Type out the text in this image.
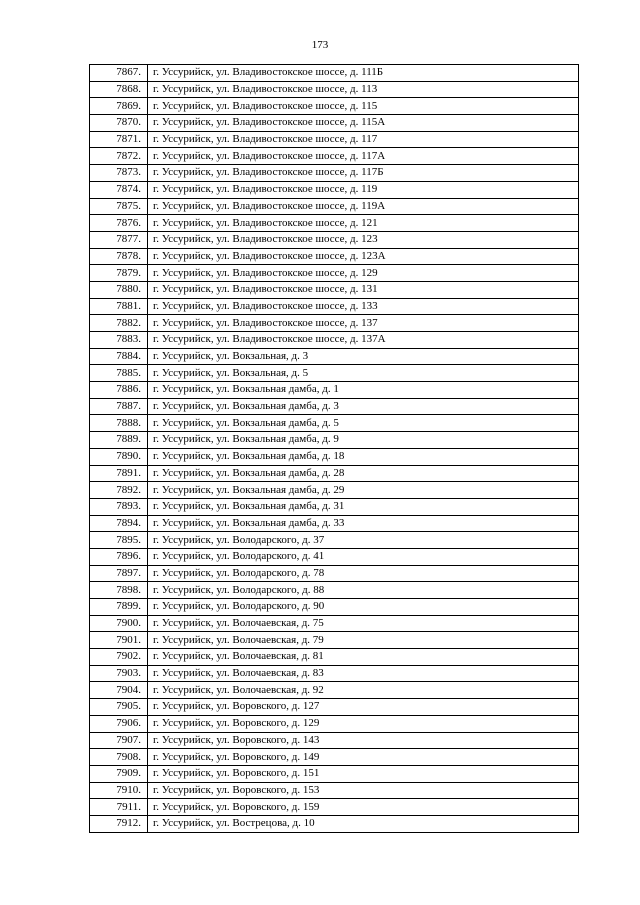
173
7867.	г. Уссурийск, ул. Владивостокское шоссе, д. 111Б
7868.	г. Уссурийск, ул. Владивостокское шоссе, д. 113
7869.	г. Уссурийск, ул. Владивостокское шоссе, д. 115
7870.	г. Уссурийск, ул. Владивостокское шоссе, д. 115А
7871.	г. Уссурийск, ул. Владивостокское шоссе, д. 117
7872.	г. Уссурийск, ул. Владивостокское шоссе, д. 117А
7873.	г. Уссурийск, ул. Владивостокское шоссе, д. 117Б
7874.	г. Уссурийск, ул. Владивостокское шоссе, д. 119
7875.	г. Уссурийск, ул. Владивостокское шоссе, д. 119А
7876.	г. Уссурийск, ул. Владивостокское шоссе, д. 121
7877.	г. Уссурийск, ул. Владивостокское шоссе, д. 123
7878.	г. Уссурийск, ул. Владивостокское шоссе, д. 123А
7879.	г. Уссурийск, ул. Владивостокское шоссе, д. 129
7880.	г. Уссурийск, ул. Владивостокское шоссе, д. 131
7881.	г. Уссурийск, ул. Владивостокское шоссе, д. 133
7882.	г. Уссурийск, ул. Владивостокское шоссе, д. 137
7883.	г. Уссурийск, ул. Владивостокское шоссе, д. 137А
7884.	г. Уссурийск, ул. Вокзальная, д. 3
7885.	г. Уссурийск, ул. Вокзальная, д. 5
7886.	г. Уссурийск, ул. Вокзальная дамба, д. 1
7887.	г. Уссурийск, ул. Вокзальная дамба, д. 3
7888.	г. Уссурийск, ул. Вокзальная дамба, д. 5
7889.	г. Уссурийск, ул. Вокзальная дамба, д. 9
7890.	г. Уссурийск, ул. Вокзальная дамба, д. 18
7891.	г. Уссурийск, ул. Вокзальная дамба, д. 28
7892.	г. Уссурийск, ул. Вокзальная дамба, д. 29
7893.	г. Уссурийск, ул. Вокзальная дамба, д. 31
7894.	г. Уссурийск, ул. Вокзальная дамба, д. 33
7895.	г. Уссурийск, ул. Володарского, д. 37
7896.	г. Уссурийск, ул. Володарского, д. 41
7897.	г. Уссурийск, ул. Володарского, д. 78
7898.	г. Уссурийск, ул. Володарского, д. 88
7899.	г. Уссурийск, ул. Володарского, д. 90
7900.	г. Уссурийск, ул. Волочаевская, д. 75
7901.	г. Уссурийск, ул. Волочаевская, д. 79
7902.	г. Уссурийск, ул. Волочаевская, д. 81
7903.	г. Уссурийск, ул. Волочаевская, д. 83
7904.	г. Уссурийск, ул. Волочаевская, д. 92
7905.	г. Уссурийск, ул. Воровского, д. 127
7906.	г. Уссурийск, ул. Воровского, д. 129
7907.	г. Уссурийск, ул. Воровского, д. 143
7908.	г. Уссурийск, ул. Воровского, д. 149
7909.	г. Уссурийск, ул. Воровского, д. 151
7910.	г. Уссурийск, ул. Воровского, д. 153
7911.	г. Уссурийск, ул. Воровского, д. 159
7912.	г. Уссурийск, ул. Вострецова, д. 10
